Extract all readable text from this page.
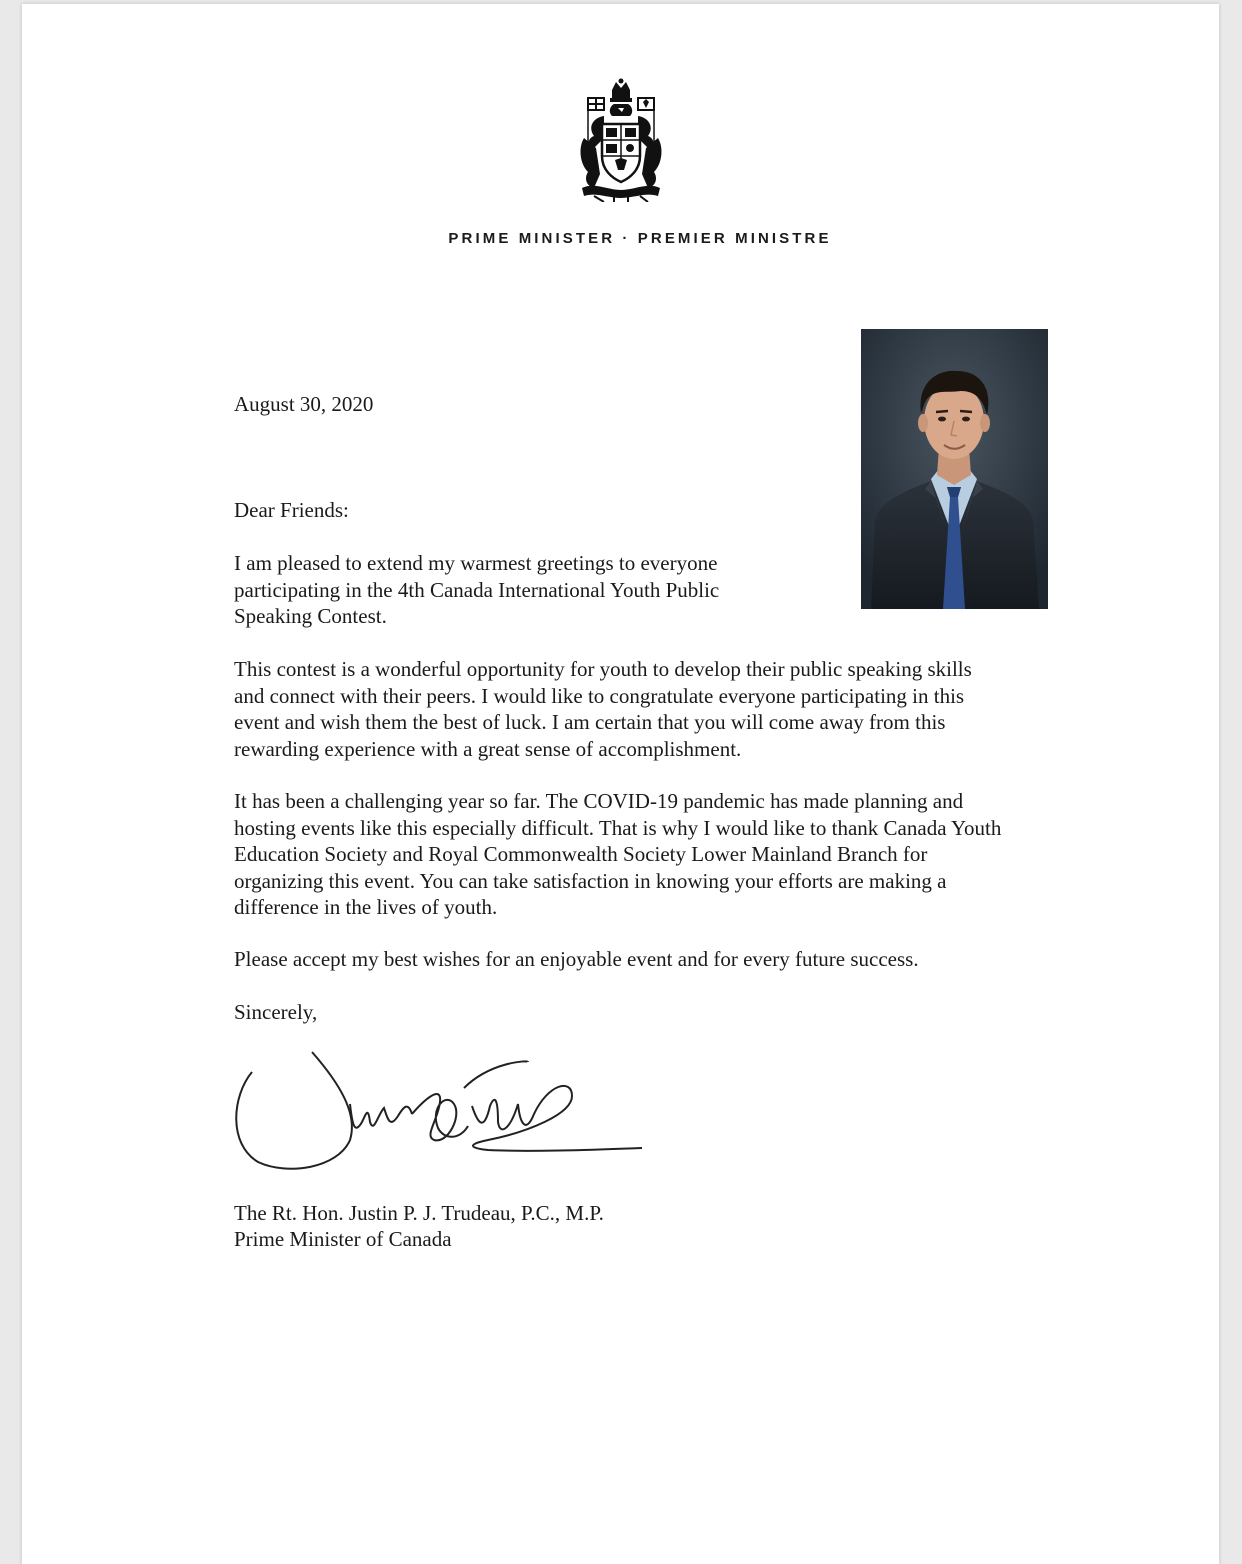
PRIME MINISTER · PREMIER MINISTRE

August 30, 2020

Dear Friends:

I am pleased to extend my warmest greetings to everyone participating in the 4th Canada International Youth Public Speaking Contest.

This contest is a wonderful opportunity for youth to develop their public speaking skills and connect with their peers. I would like to congratulate everyone participating in this event and wish them the best of luck. I am certain that you will come away from this rewarding experience with a great sense of accomplishment.

It has been a challenging year so far. The COVID-19 pandemic has made planning and hosting events like this especially difficult. That is why I would like to thank Canada Youth Education Society and Royal Commonwealth Society Lower Mainland Branch for organizing this event. You can take satisfaction in knowing your efforts are making a difference in the lives of youth.

Please accept my best wishes for an enjoyable event and for every future success.

Sincerely,

The Rt. Hon. Justin P. J. Trudeau, P.C., M.P.

Prime Minister of Canada
